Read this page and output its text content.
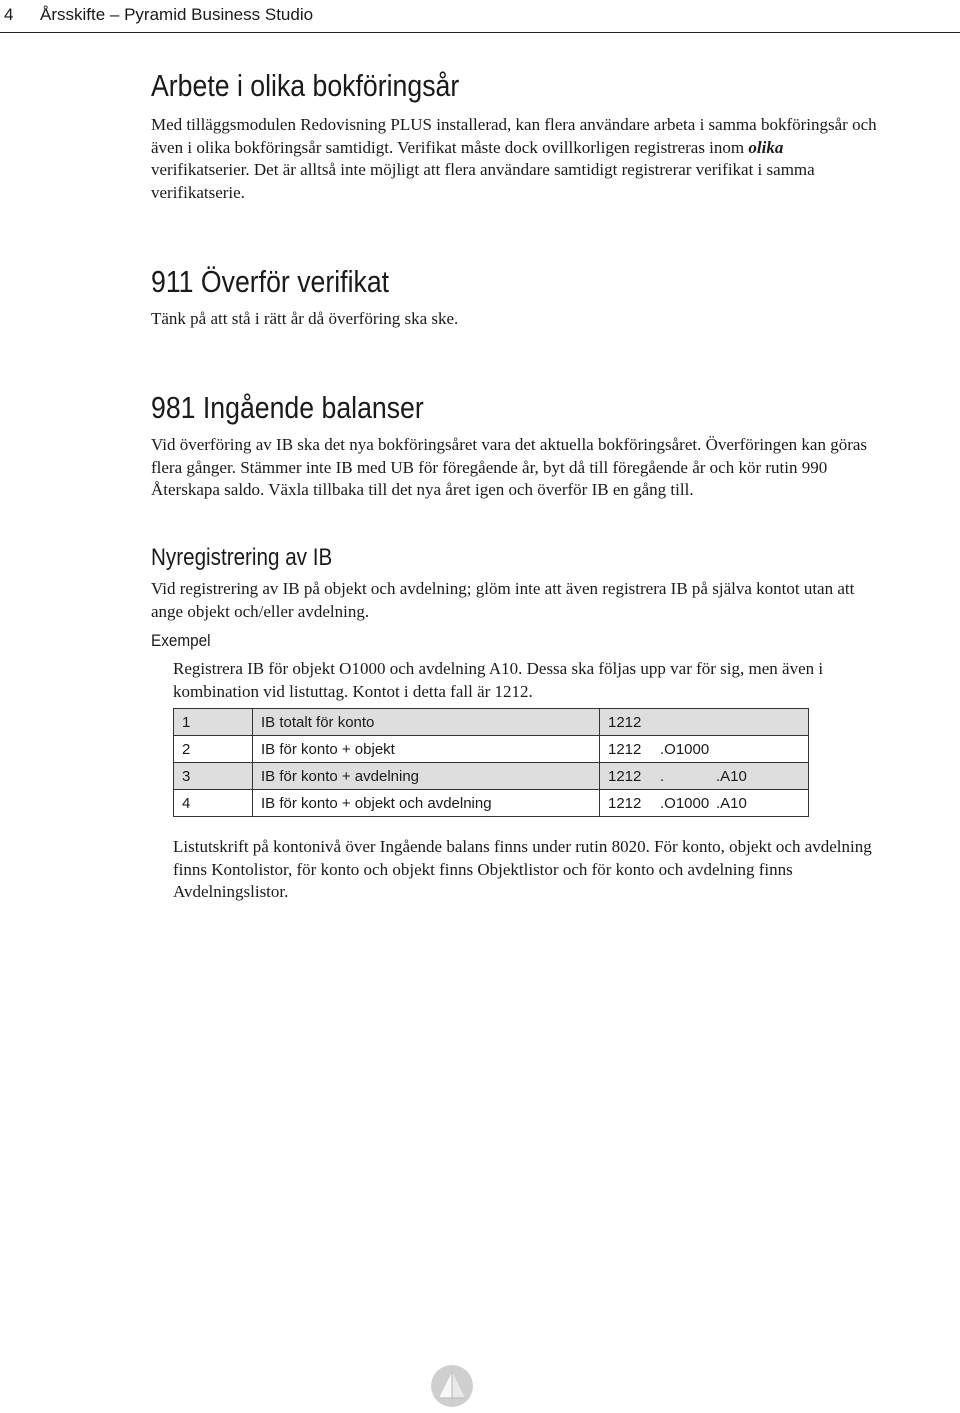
4 Årsskifte – Pyramid Business Studio
Arbete i olika bokföringsår

Med tilläggsmodulen Redovisning PLUS installerad, kan flera användare arbeta i samma bokföringsår och även i olika bokföringsår samtidigt. Verifikat måste dock ovillkorligen registreras inom olika verifikatserier. Det är alltså inte möjligt att flera användare samtidigt registrerar verifikat i samma verifikatserie.

911 Överför verifikat

Tänk på att stå i rätt år då överföring ska ske.

981 Ingående balanser

Vid överföring av IB ska det nya bokföringsåret vara det aktuella bokföringsåret. Överföringen kan göras flera gånger. Stämmer inte IB med UB för föregående år, byt då till föregående år och kör rutin 990 Återskapa saldo. Växla tillbaka till det nya året igen och överför IB en gång till.

Nyregistrering av IB

Vid registrering av IB på objekt och avdelning; glöm inte att även registrera IB på själva kontot utan att ange objekt och/eller avdelning.

Exempel

Registrera IB för objekt O1000 och avdelning A10. Dessa ska följas upp var för sig, men även i kombination vid listuttag. Kontot i detta fall är 1212.

1	IB totalt för konto	1212
2	IB för konto + objekt	1212 .O1000
3	IB för konto + avdelning	1212 . .A10
4	IB för konto + objekt och avdelning	1212 .O1000 .A10

Listutskrift på kontonivå över Ingående balans finns under rutin 8020. För konto, objekt och avdelning finns Kontolistor, för konto och objekt finns Objektlistor och för konto och avdelning finns Avdelningslistor.
